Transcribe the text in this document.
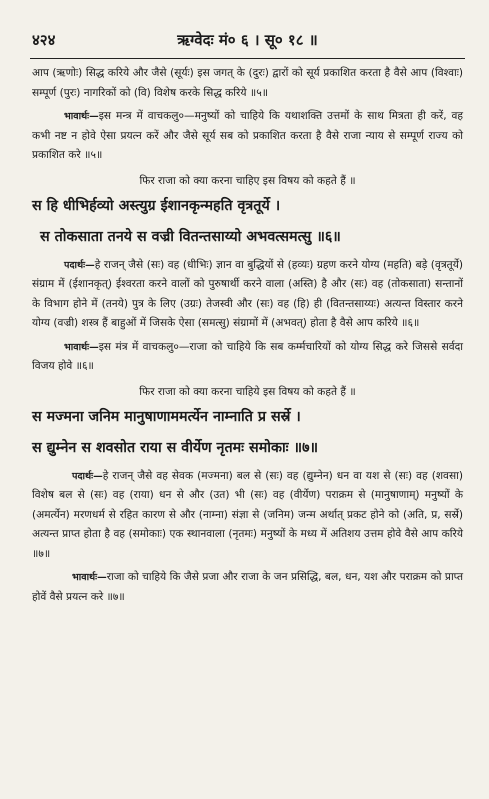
४२४	ऋग्वेदः मं० ६ । सू० १८ ॥

आप (ऋणोः) सिद्ध करिये और जैसे (सूर्यः) इस जगत् के (दुरः) द्वारों को सूर्य प्रकाशित करता है वैसे आप (विश्वाः) सम्पूर्ण (पुरः) नागरिकों को (वि) विशेष करके सिद्ध करिये ॥५॥

भावार्थः—इस मन्त्र में वाचकलु०—मनुष्यों को चाहिये कि यथाशक्ति उत्तमों के साथ मित्रता ही करें, वह कभी नष्ट न होवे ऐसा प्रयत्न करें और जैसे सूर्य सब को प्रकाशित करता है वैसे राजा न्याय से सम्पूर्ण राज्य को प्रकाशित करे ॥५॥

फिर राजा को क्या करना चाहिए इस विषय को कहते हैं ॥

स हि धीभिर्हव्यो अस्त्युग्र ईशानकृन्महति वृत्रतूर्ये ।

स तोकसाता तनये स वज्री वितन्तसाय्यो अभवत्समत्सु ॥६॥

पदार्थः—हे राजन् जैसे (सः) वह (धीभिः) ज्ञान वा बुद्धियों से (हव्यः) ग्रहण करने योग्य (महति) बड़े (वृत्रतूर्ये) संग्राम में (ईशानकृत्) ईश्वरता करने वालों को पुरुषार्थी करने वाला (अस्ति) है और (सः) वह (तोकसाता) सन्तानों के विभाग होने में (तनये) पुत्र के लिए (उग्रः) तेजस्वी और (सः) वह (हि) ही (वितन्तसाय्यः) अत्यन्त विस्तार करने योग्य (वज्री) शस्त्र हैं बाहुओं में जिसके ऐसा (समत्सु) संग्रामों में (अभवत्) होता है वैसे आप करिये ॥६॥

भावार्थः—इस मंत्र में वाचकलु०—राजा को चाहिये कि सब कर्म्मचारियों को योग्य सिद्ध करे जिससे सर्वदा विजय होवे ॥६॥

फिर राजा को क्या करना चाहिये इस विषय को कहते हैं ॥

स मज्मना जनिम मानुषाणाममर्त्येन नाम्नाति प्र सर्स्रे ।

स द्युम्नेन स शवसोत राया स वीर्येण नृतमः समोकाः ॥७॥

पदार्थः—हे राजन् जैसे वह सेवक (मज्मना) बल से (सः) वह (द्युम्नेन) धन वा यश से (सः) वह (शवसा) विशेष बल से (सः) वह (राया) धन से और (उत) भी (सः) वह (वीर्येण) पराक्रम से (मानुषाणाम्) मनुष्यों के (अमर्त्येन) मरणधर्म से रहित कारण से और (नाम्ना) संज्ञा से (जनिम) जन्म अर्थात् प्रकट होने को (अति, प्र, सर्स्रे) अत्यन्त प्राप्त होता है वह (समोकाः) एक स्थानवाला (नृतमः) मनुष्यों के मध्य में अतिशय उत्तम होवे वैसे आप करिये ॥७॥

भावार्थः—राजा को चाहिये कि जैसे प्रजा और राजा के जन प्रसिद्धि, बल, धन, यश और पराक्रम को प्राप्त होवें वैसे प्रयत्न करे ॥७॥
